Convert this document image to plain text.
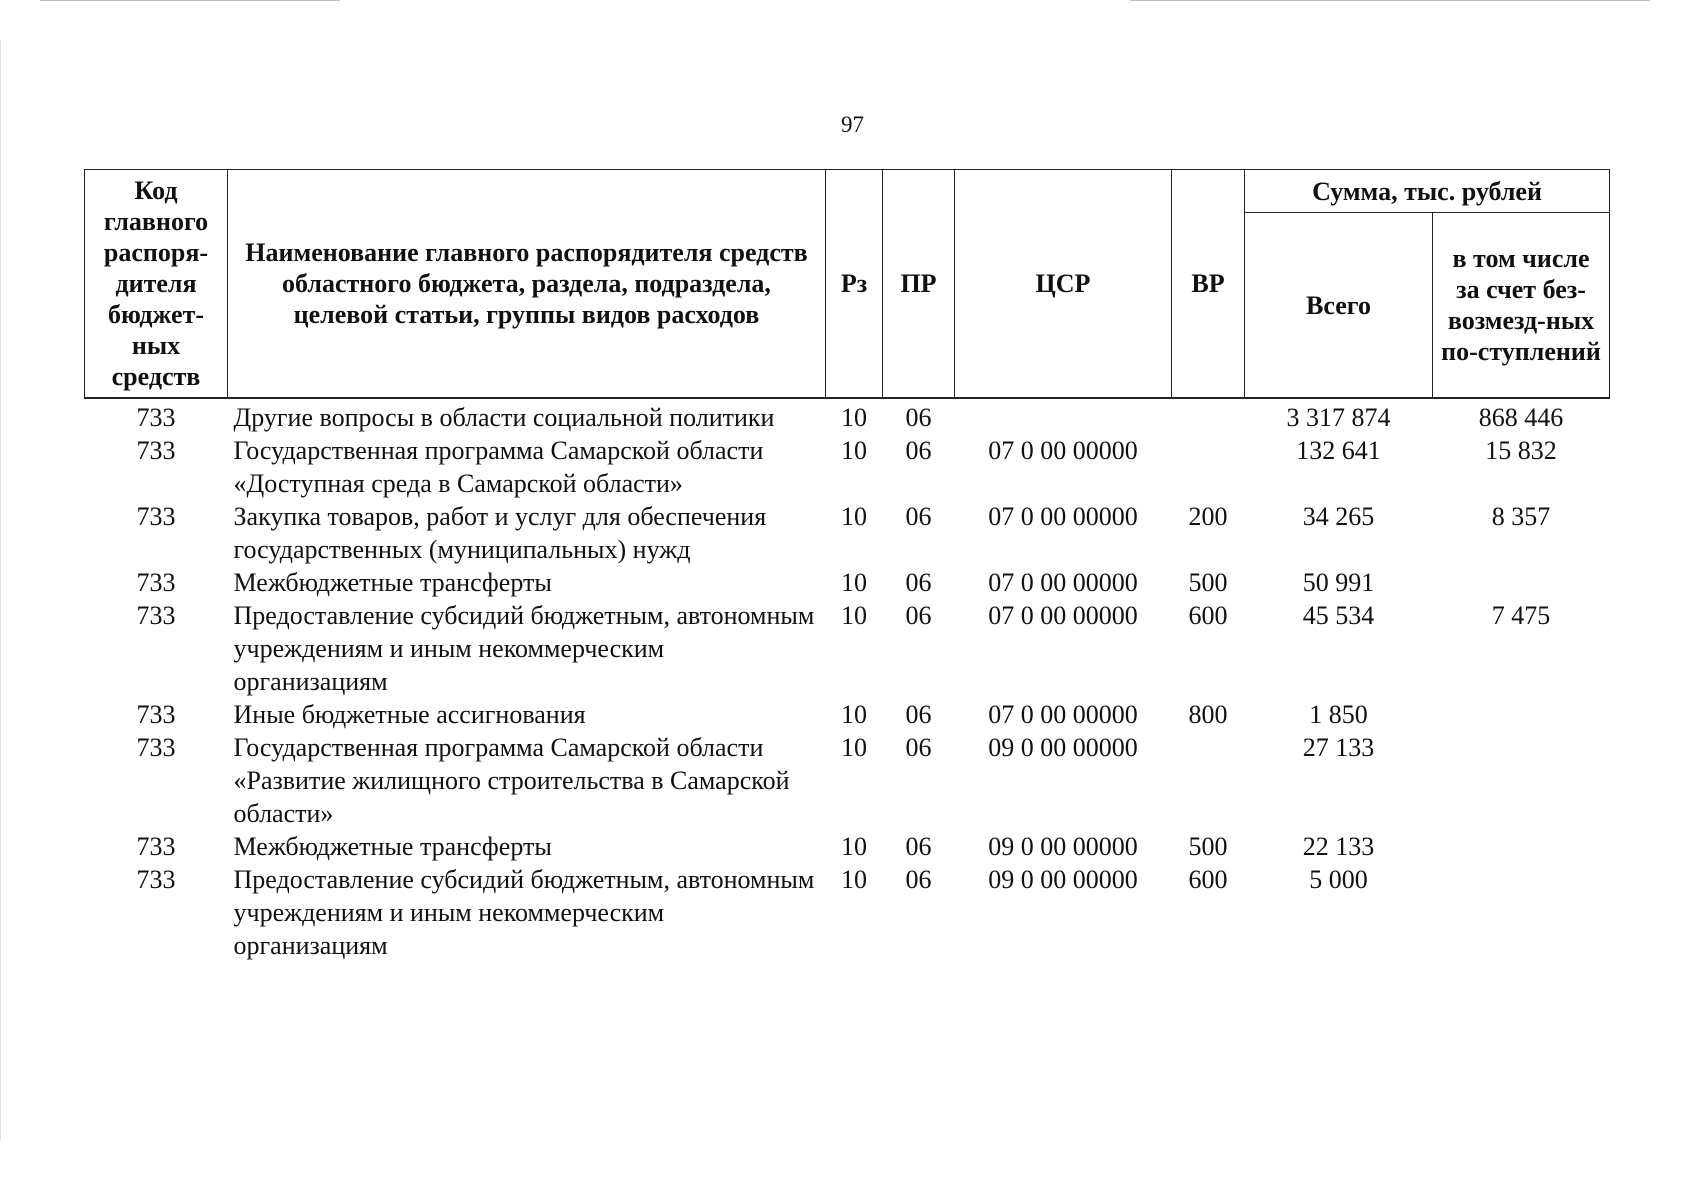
97
Код главного распоря-дителя бюджет-ных средств	Наименование главного распорядителя средств областного бюджета, раздела, подраздела, целевой статьи, группы видов расходов	Рз	ПР	ЦСР	ВР	Сумма, тыс. рублей	
						Всего	в том числе за счет без-возмезд-ных по-ступлений
733	Другие вопросы в области социальной политики	10	06			3 317 874	868 446
733	Государственная программа Самарской области «Доступная среда в Самарской области»	10	06	07 0 00 00000		132 641	15 832
733	Закупка товаров, работ и услуг для обеспечения государственных (муниципальных) нужд	10	06	07 0 00 00000	200	34 265	8 357
733	Межбюджетные трансферты	10	06	07 0 00 00000	500	50 991	
733	Предоставление субсидий бюджетным, автономным учреждениям и иным некоммерческим организациям	10	06	07 0 00 00000	600	45 534	7 475
733	Иные бюджетные ассигнования	10	06	07 0 00 00000	800	1 850	
733	Государственная программа Самарской области «Развитие жилищного строительства в Самарской области»	10	06	09 0 00 00000		27 133	
733	Межбюджетные трансферты	10	06	09 0 00 00000	500	22 133	
733	Предоставление субсидий бюджетным, автономным учреждениям и иным некоммерческим организациям	10	06	09 0 00 00000	600	5 000	
